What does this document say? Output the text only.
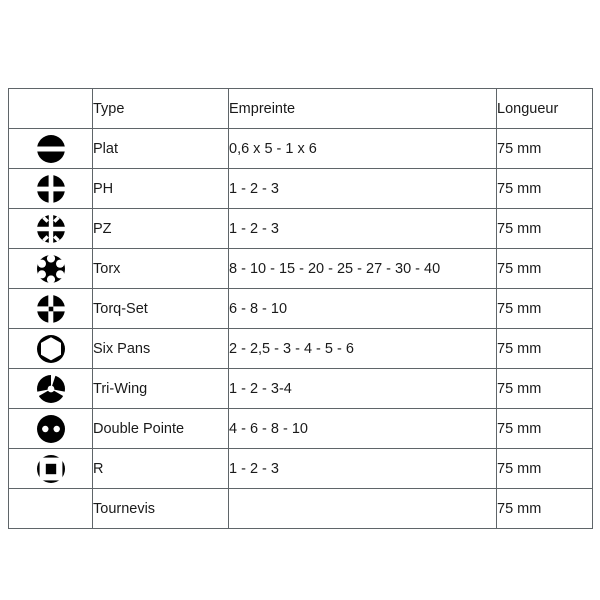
	Type	Empreinte	Longueur

	Plat	0,6 x 5 - 1 x 6	75 mm

	PH	1 - 2 - 3	75 mm

	PZ	1 - 2 - 3	75 mm

	Torx	8 - 10 - 15 - 20 - 25 - 27 - 30 - 40	75 mm

	Torq-Set	6 - 8 - 10	75 mm

	Six Pans	2 - 2,5 - 3 - 4 - 5 - 6	75 mm

	Tri-Wing	1 - 2 - 3-4	75 mm

	Double Pointe	4 - 6 - 8 - 10	75 mm

	R	1 - 2 - 3	75 mm

	Tournevis		75 mm
